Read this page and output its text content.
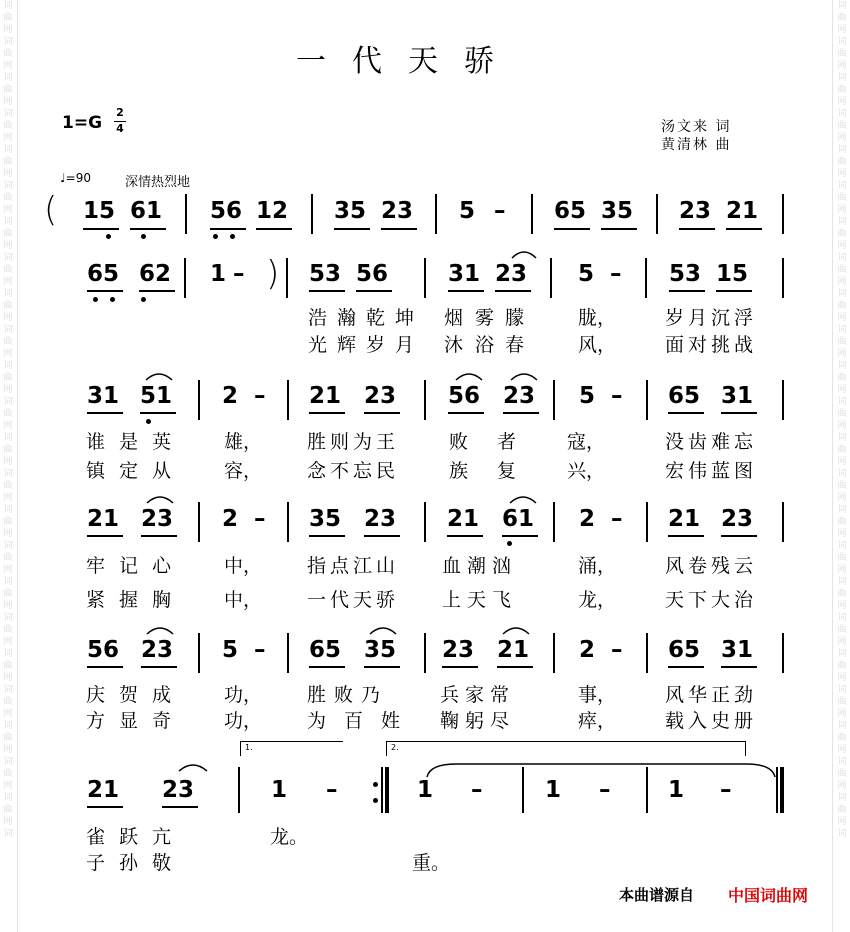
词
曲
网
词
曲
网
词
曲
网
词
曲
网
词
曲
网
词
曲
网
词
曲
网
词
曲
网
词
曲
网
词
曲
网
词
曲
网
词
曲
网
词
曲
网
词
曲
网
词
曲
网
词
曲
网
词
曲
网
词
曲
网
词
曲
网
词
曲
网
词
曲
网
词
曲
网
词
曲
网
词
词
曲
网
词
曲
网
词
曲
网
词
曲
网
词
曲
网
词
曲
网
词
曲
网
词
曲
网
词
曲
网
词
曲
网
词
曲
网
词
曲
网
词
曲
网
词
曲
网
词
曲
网
词
曲
网
词
曲
网
词
曲
网
词
曲
网
词
曲
网
词
曲
网
词
曲
网
词
曲
网
词
一代天骄
1=G
2
4	汤文来 词
黄清林 曲
♩=90	深情热烈地
( 15 61 56 12 35 23 5 – 65 35 23 21
65 62 1 –	53 56	31 23 5 – 53 15
)
浩瀚乾坤 烟雾
朦	胧，	岁月沉浮
光辉岁月 沐浴
春	风，	面对挑战
31 51 2 – 21 23 56 23 5 – 65 31
谁是英 雄， 胜则为王	败 者	寇，	没齿难忘
镇定从 容， 念不忘民	族 复	兴，	宏伟蓝图
21 23 2 – 35 23 21 61 2 – 21 23
牢记心 中， 指点江山 血潮汹	涌，	风卷残云
紧握胸 中， 一代天骄 上天飞	龙，	天下大治
56 23 5 – 65 35 23 21 2 – 65 31
庆贺成 功， 胜败乃	兵家常	事，	风华正劲
方显奇 功， 为百姓 鞠躬尽	瘁，	载入史册
21 23	1 –	1 –	1 –	1 –
1.	2.
雀跃亢	龙。
子孙敬	重。
本曲谱源自 中国词曲网
